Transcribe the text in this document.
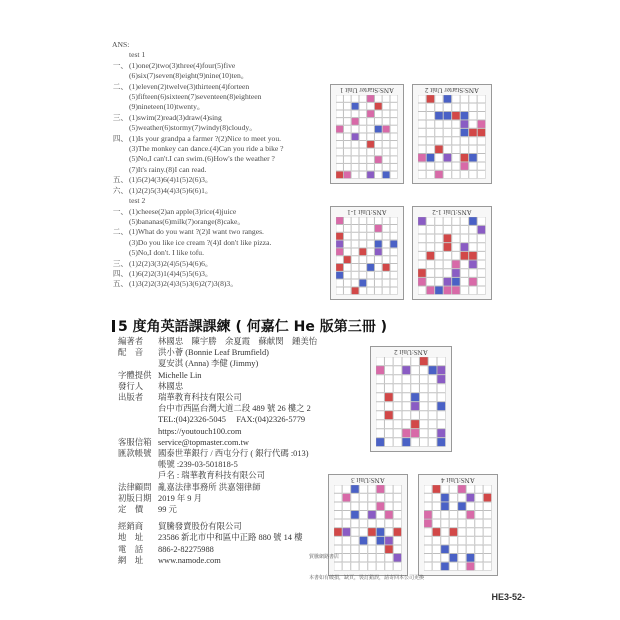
ANS:
test 1
一、(1)one(2)two(3)three(4)four(5)five
(6)six(7)seven(8)eight(9)nine(10)ten。
二、(1)eleven(2)twelve(3)thirteen(4)forteen
(5)fifteen(6)sixteen(7)seventeen(8)eighteen
(9)nineteen(10)twenty。
三、(1)swim(2)read(3)draw(4)sing
(5)weather(6)stormy(7)windy(8)cloudy。
四、(1)Is your grandpa a farmer ?(2)Nice to meet you.
(3)The monkey can dance.(4)Can you ride a bike ?
(5)No,I can't.I can swim.(6)How's the weather ?
(7)It's rainy.(8)I can read.
五、(1)5(2)4(3)6(4)1(5)2(6)3。
六、(1)2(2)5(3)4(4)3(5)6(6)1。
test 2
一、(1)cheese(2)an apple(3)rice(4)juice
(5)bananas(6)milk(7)orange(8)cake。
二、(1)What do you want ?(2)I want two ranges.
(3)Do you like ice cream ?(4)I don't like pizza.
(5)No,I don't. I like tofu.
三、(1)2(2)3(3)2(4)5(5)4(6)6。
四、(1)6(2)2(3)1(4)4(5)5(6)3。
五、(1)3(2)2(3)2(4)3(5)3(6)2(7)3(8)3。
ANS:Starter Unit 1	ANS:Starter Unit 2
ANS:Unit 1-1	ANS:Unit 1-2
ANS:Unit 2
ANS:Unit 3	ANS:Unit 4
5 度角英語課課練 ( 何嘉仁 He 版第三冊 )
編著者	林國忠　陳宇勝　余夏霞　蘇献閔　鍾美怡
配　音	洪小薈 (Bonnie Leaf Brumfield)
夏安淇 (Anna) 李健 (Jimmy)
字體提供 Michelle Lin
發行人	林國忠
出版者	瑞華教育科技有限公司
台中市西區台灣大道二段 489 號 26 樓之 2
TEL:(04)2326-5045　 FAX:(04)2326-5779
https://youtouch100.com
客服信箱 service@topmaster.com.tw
匯款帳號 國泰世華銀行 / 西屯分行 ( 銀行代碼 :013)
帳號 :239-03-501818-5
戶名 : 瑞華教育科技有限公司
法律顧問 亂嘉法律事務所 洪嘉翎律師
初版日期 2019 年 9 月
定　價	99 元
經銷商	貿騰發賣股份有限公司
地　址	23586 新北市中和區中正路 880 號 14 樓
電　話	886-2-82275988
網　址	www.namode.com	貿騰網路書店
本書如有破損，缺頁，裝訂錯誤，請寄回本公司更換
HE3-52-
